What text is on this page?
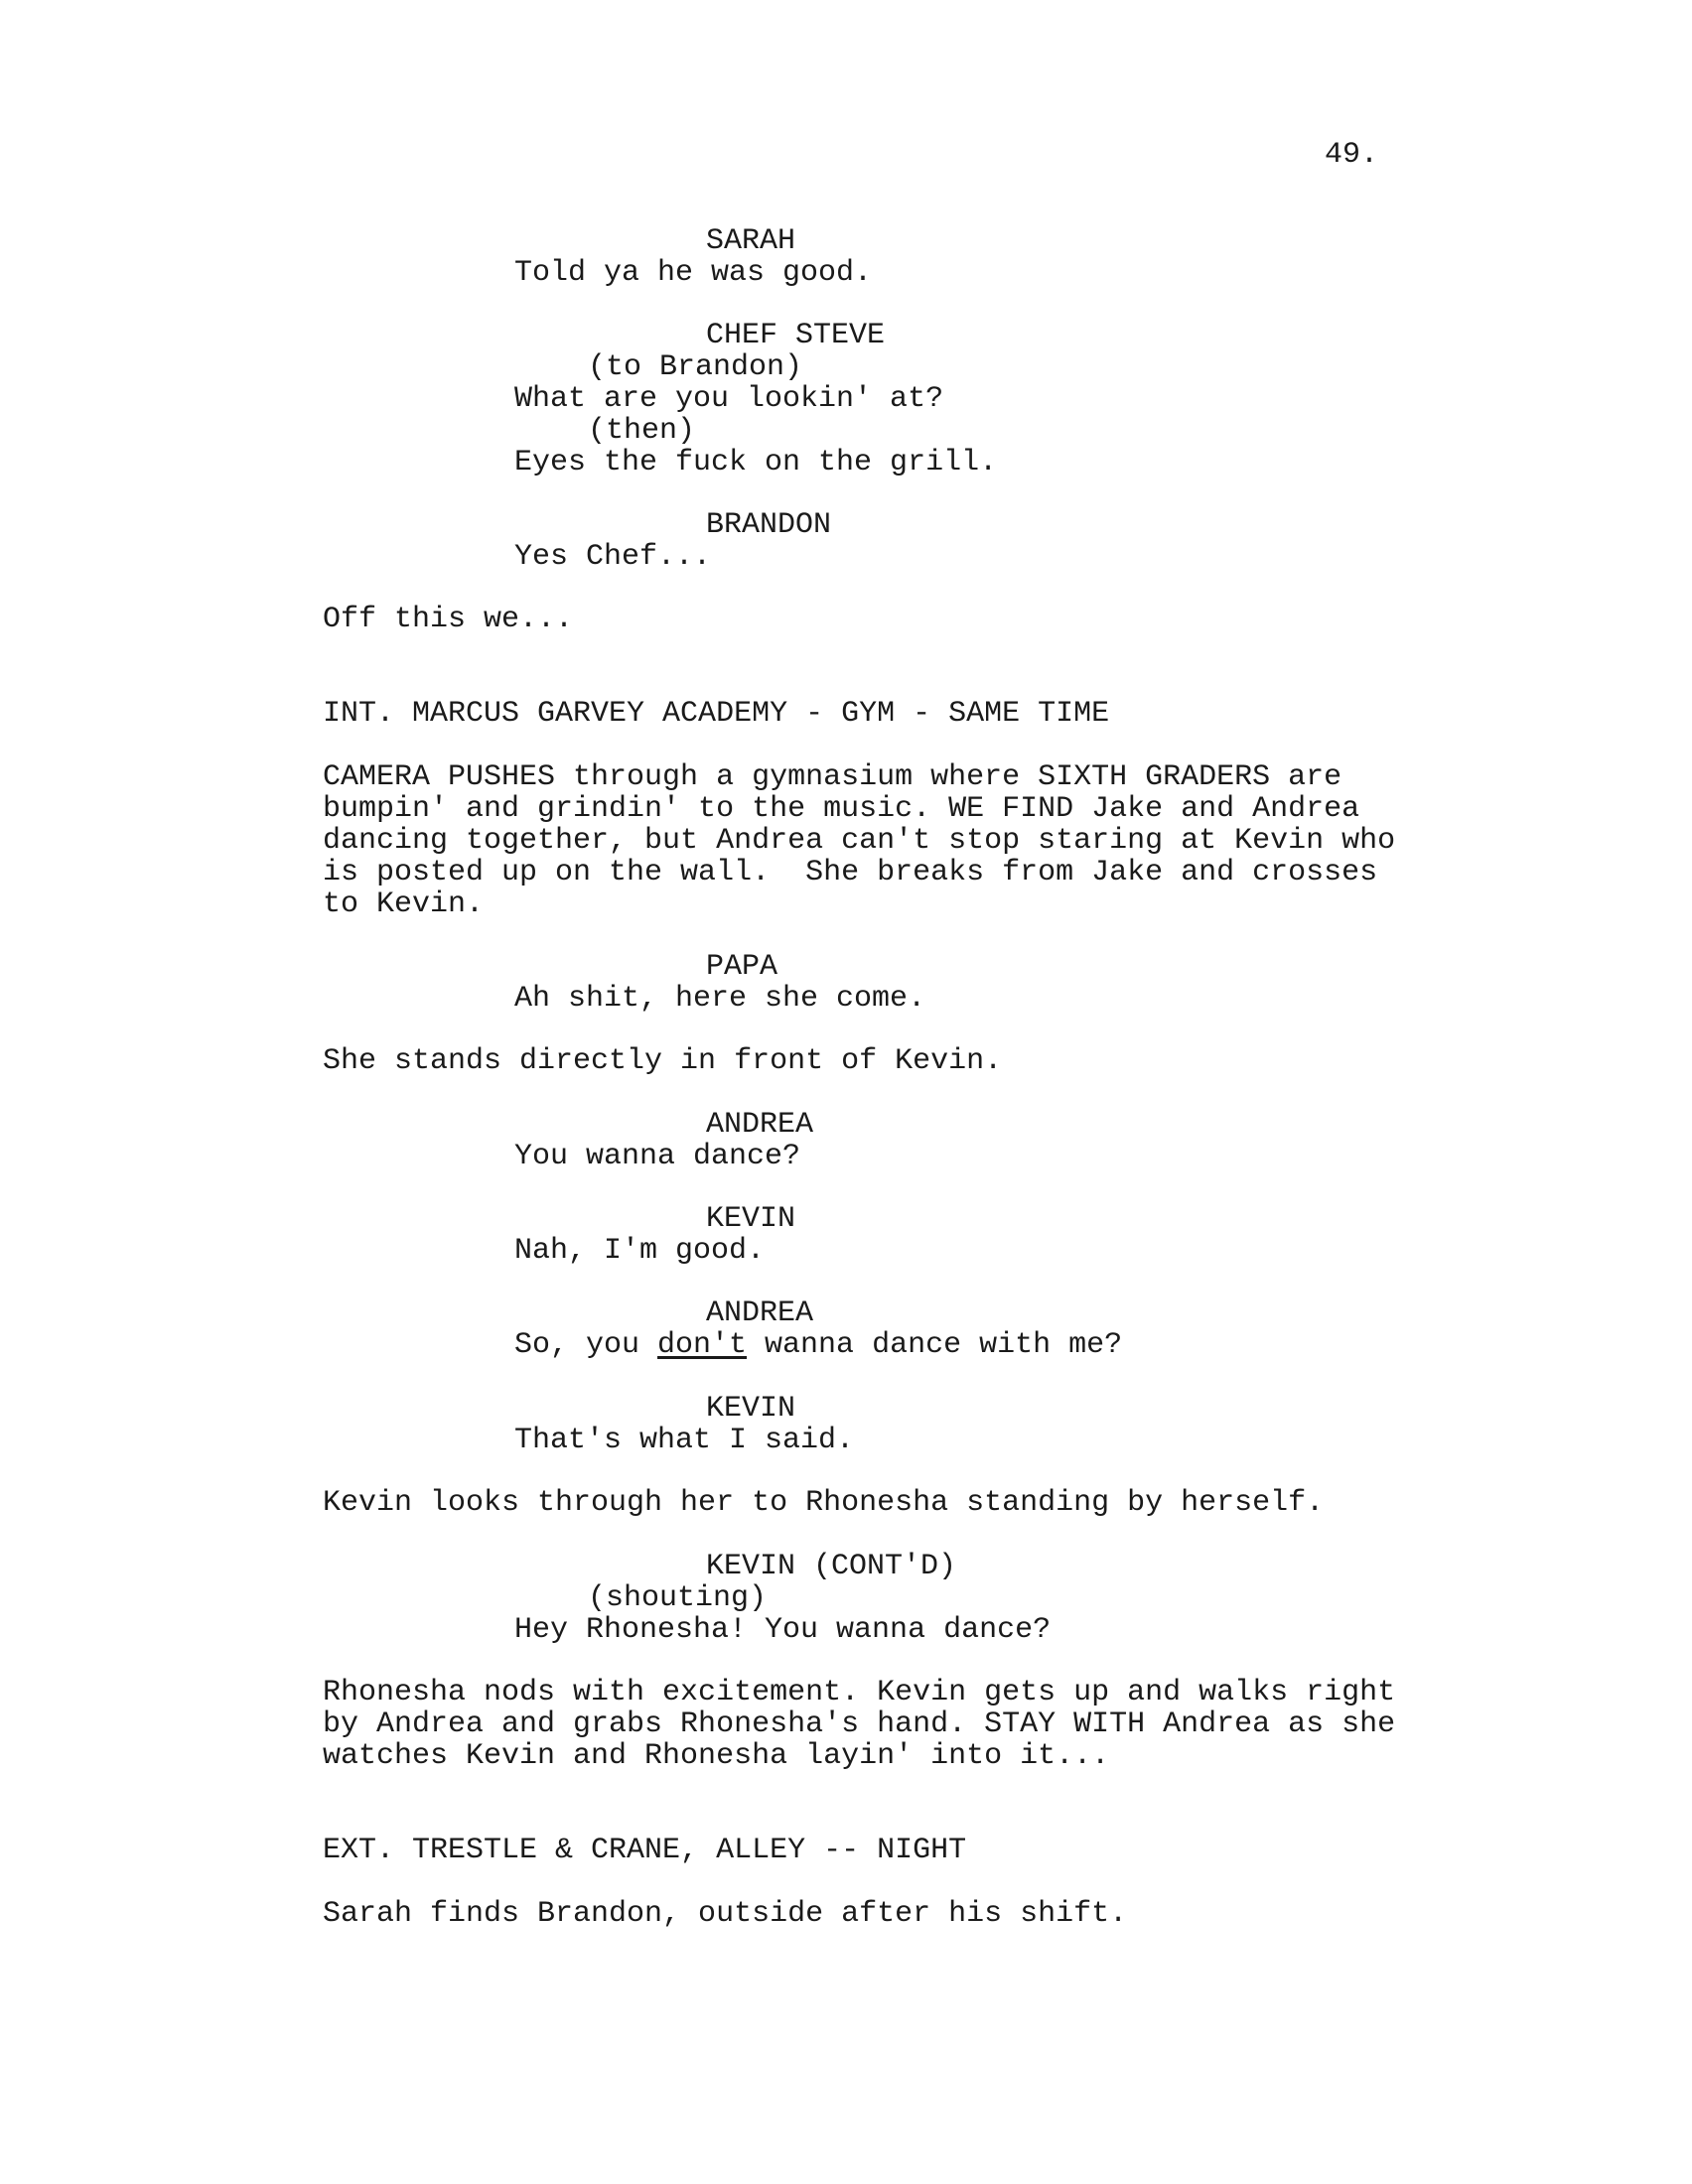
49.
SARAH
Told ya he was good.
CHEF STEVE
(to Brandon)
What are you lookin' at?
(then)
Eyes the fuck on the grill.
BRANDON
Yes Chef...
Off this we...
INT. MARCUS GARVEY ACADEMY - GYM - SAME TIME
CAMERA PUSHES through a gymnasium where SIXTH GRADERS are
bumpin' and grindin' to the music. WE FIND Jake and Andrea
dancing together, but Andrea can't stop staring at Kevin who
is posted up on the wall.  She breaks from Jake and crosses
to Kevin.
PAPA
Ah shit, here she come.
She stands directly in front of Kevin.
ANDREA
You wanna dance?
KEVIN
Nah, I'm good.
ANDREA
So, you don't wanna dance with me?
KEVIN
That's what I said.
Kevin looks through her to Rhonesha standing by herself.
KEVIN (CONT'D)
(shouting)
Hey Rhonesha! You wanna dance?
Rhonesha nods with excitement. Kevin gets up and walks right
by Andrea and grabs Rhonesha's hand. STAY WITH Andrea as she
watches Kevin and Rhonesha layin' into it...
EXT. TRESTLE & CRANE, ALLEY -- NIGHT
Sarah finds Brandon, outside after his shift.
